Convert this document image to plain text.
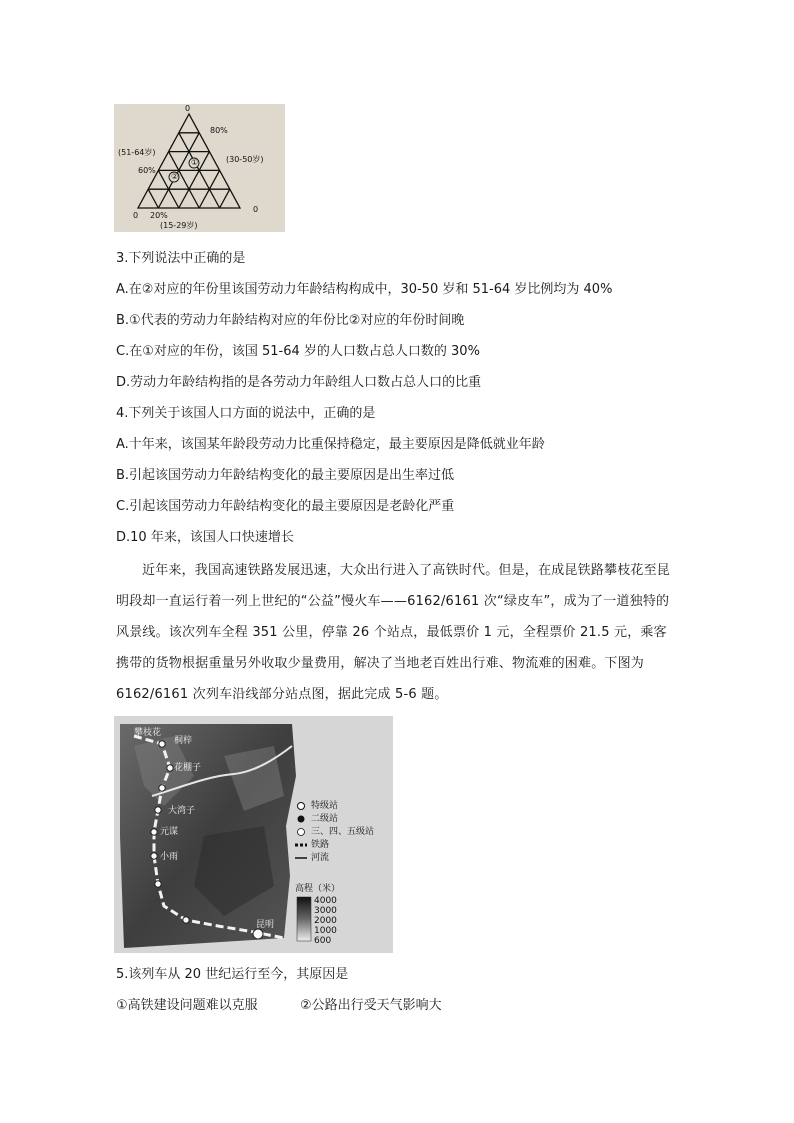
0
80%
(51-64岁)
(30-50岁)
60%
①
②
0 20%
0
(15-29岁)
3.下列说法中正确的是
A.在②对应的年份里该国劳动力年龄结构构成中，30-50 岁和 51-64 岁比例均为 40%
B.①代表的劳动力年龄结构对应的年份比②对应的年份时间晚
C.在①对应的年份，该国 51-64 岁的人口数占总人口数的 30%
D.劳动力年龄结构指的是各劳动力年龄组人口数占总人口的比重
4.下列关于该国人口方面的说法中，正确的是
A.十年来，该国某年龄段劳动力比重保持稳定，最主要原因是降低就业年龄
B.引起该国劳动力年龄结构变化的最主要原因是出生率过低
C.引起该国劳动力年龄结构变化的最主要原因是老龄化严重
D.10 年来，该国人口快速增长
近年来，我国高速铁路发展迅速，大众出行进入了高铁时代。但是，在成昆铁路攀枝花至昆明段却一直运行着一列上世纪的“公益”慢火车——6162/6161 次“绿皮车”，成为了一道独特的风景线。该次列车全程 351 公里，停靠 26 个站点，最低票价 1 元，全程票价 21.5 元，乘客携带的货物根据重量另外收取少量费用，解决了当地老百姓出行难、物流难的困难。下图为 6162/6161 次列车沿线部分站点图，据此完成 5-6 题。
攀枝花
桐梓
花棚子
大湾子
元谋
小雨
昆明
特级站
二级站
三、四、五级站
铁路
河流
高程（米）
4000
3000
2000
1000
600
5.该列车从 20 世纪运行至今，其原因是
①高铁建设问题难以克服	②公路出行受天气影响大
